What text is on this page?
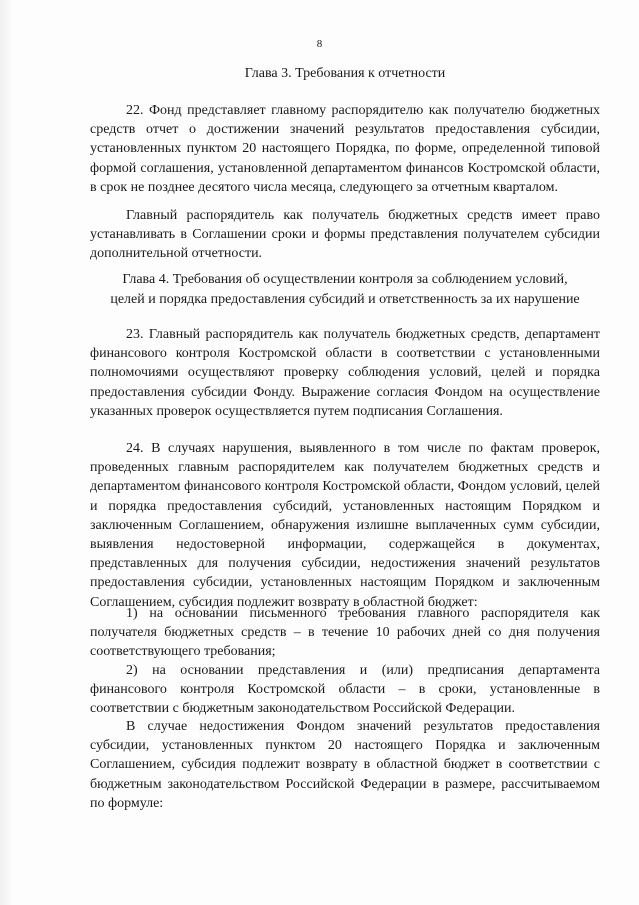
8
Глава 3. Требования к отчетности

22. Фонд представляет главному распорядителю как получателю бюджетных средств отчет о достижении значений результатов предоставления субсидии, установленных пунктом 20 настоящего Порядка, по форме, определенной типовой формой соглашения, установленной департаментом финансов Костромской области, в срок не позднее десятого числа месяца, следующего за отчетным кварталом.

Главный распорядитель как получатель бюджетных средств имеет право устанавливать в Соглашении сроки и формы представления получателем субсидии дополнительной отчетности.

Глава 4. Требования об осуществлении контроля за соблюдением условий,
целей и порядка предоставления субсидий и ответственность за их нарушение

23. Главный распорядитель как получатель бюджетных средств, департамент финансового контроля Костромской области в соответствии с установленными полномочиями осуществляют проверку соблюдения условий, целей и порядка предоставления субсидии Фонду. Выражение согласия Фондом на осуществление указанных проверок осуществляется путем подписания Соглашения.

24. В случаях нарушения, выявленного в том числе по фактам проверок, проведенных главным распорядителем как получателем бюджетных средств и департаментом финансового контроля Костромской области, Фондом условий, целей и порядка предоставления субсидий, установленных настоящим Порядком и заключенным Соглашением, обнаружения излишне выплаченных сумм субсидии, выявления недостоверной информации, содержащейся в документах, представленных для получения субсидии, недостижения значений результатов предоставления субсидии, установленных настоящим Порядком и заключенным Соглашением, субсидия подлежит возврату в областной бюджет:

1) на основании письменного требования главного распорядителя как получателя бюджетных средств – в течение 10 рабочих дней со дня получения соответствующего требования;

2) на основании представления и (или) предписания департамента финансового контроля Костромской области – в сроки, установленные в соответствии с бюджетным законодательством Российской Федерации.

В случае недостижения Фондом значений результатов предоставления субсидии, установленных пунктом 20 настоящего Порядка и заключенным Соглашением, субсидия подлежит возврату в областной бюджет в соответствии с бюджетным законодательством Российской Федерации в размере, рассчитываемом по формуле:
